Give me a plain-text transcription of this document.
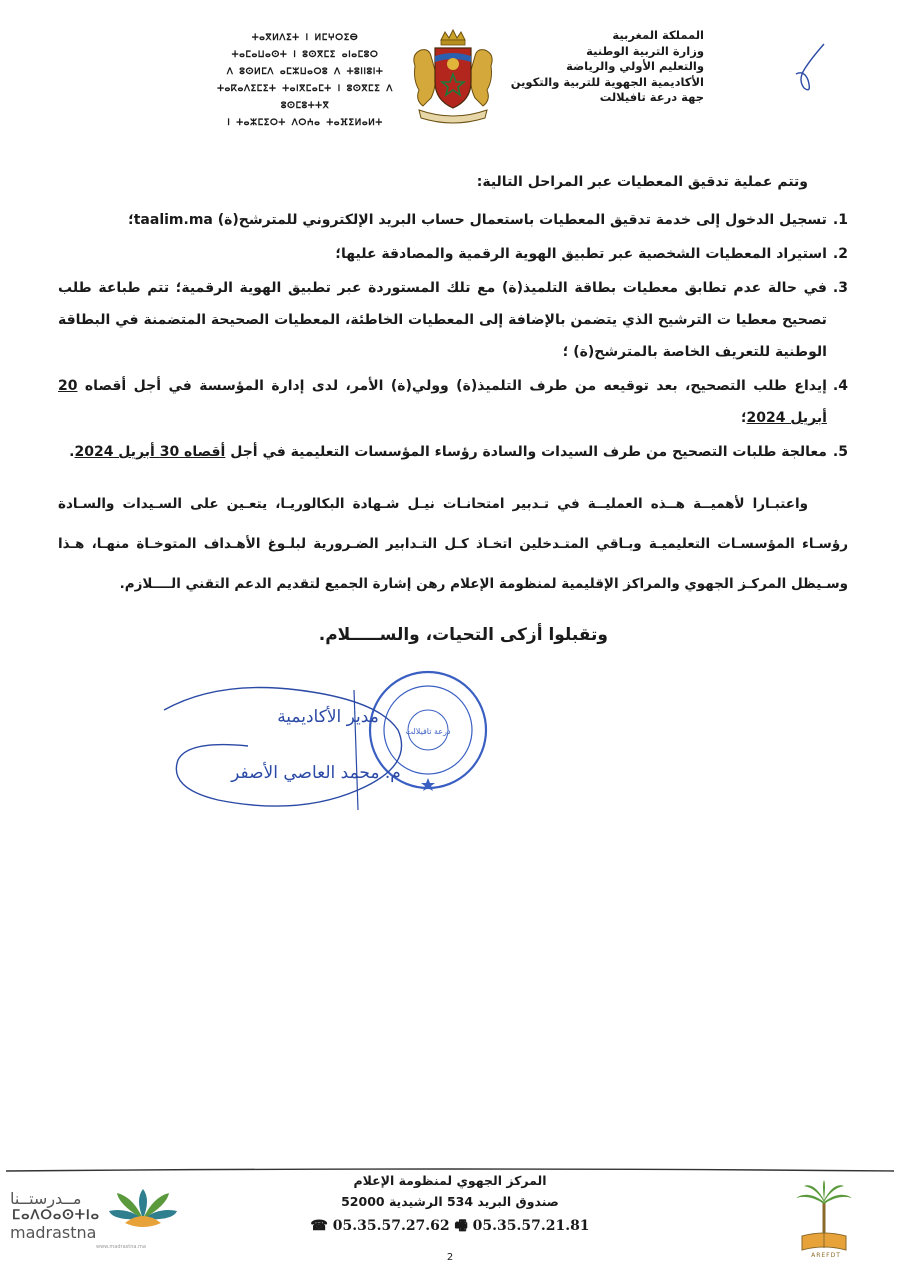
المملكة المغربية
وزارة التربية الوطنية
والتعليم الأولي والرياضة
الأكاديمية الجهوية للتربية والتكوين
جهة درعة تافيلالت
ⵜⴰⴳⵍⴷⵉⵜ ⵏ ⵍⵎⵖⵔⵉⴱ
ⵜⴰⵎⴰⵡⴰⵙⵜ ⵏ ⵓⵙⴳⵎⵉ ⴰⵏⴰⵎⵓⵔ
ⴷ ⵓⵙⵍⵎⴷ ⴰⵎⵣⵡⴰⵔⵓ ⴷ ⵜⵓⵏⵏⵓⵏⵜ
ⵜⴰⴽⴰⴷⵉⵎⵉⵜ ⵜⴰⵏⴳⵎⴰⵎⵜ ⵏ ⵓⵙⴳⵎⵉ ⴷ ⵓⵙⵎⵓⵜⵜⴳ
ⵏ ⵜⴰⵣⵎⵉⵔⵜ ⴷⵔⵄⴰ ⵜⴰⴼⵉⵍⴰⵍⵜ
وتتم عملية تدقيق المعطيات عبر المراحل التالية:
1.
تسجيل الدخول إلى خدمة تدقيق المعطيات باستعمال حساب البريد الإلكتروني للمترشح(ة) taalim.ma؛
2.
استيراد المعطيات الشخصية عبر تطبيق الهوية الرقمية والمصادقة عليها؛
3.
في حالة عدم تطابق معطيات بطاقة التلميذ(ة) مع تلك المستوردة عبر تطبيق الهوية الرقمية؛ تتم طباعة طلب تصحيح معطيا ت الترشيح الذي يتضمن بالإضافة إلى المعطيات الخاطئة، المعطيات الصحيحة المتضمنة في البطاقة الوطنية للتعريف الخاصة بالمترشح(ة) ؛
4.
إيداع طلب التصحيح، بعد توقيعه من طرف التلميذ(ة) وولي(ة) الأمر، لدى إدارة المؤسسة في أجل أقصاه 20 أبريل 2024؛
5.
معالجة طلبات التصحيح من طرف السيدات والسادة رؤساء المؤسسات التعليمية في أجل أقصاه 30 أبريل 2024.
واعتبـارا لأهميــة هــذه العمليــة في تـدبير امتحانـات نيـل شـهادة البكالوريـا، يتعـين على السـيدات والسـادة رؤسـاء المؤسسـات التعليميـة وبـاقي المتـدخلين اتخـاذ كـل التـدابير الضـرورية لبلـوغ الأهـداف المتوخـاة منهـا، هـذا وسـيظل المركـز الجهوي والمراكز الإقليمية لمنظومة الإعلام رهن إشارة الجميع لتقديم الدعم التقني الــــلازم.
وتقبلوا أزكى التحيات، والســـــلام.
درعة تافيلالت
مدير الأكاديمية
م. محمد العاصي الأصفر
المركز الجهوي لمنظومة الإعلام
صندوق البريد 534 الرشيدية 52000
☎ 05.35.57.27.62 🖷 05.35.57.21.81
2
مــدرستــنا
ⵎⴰⴷⵔⴰⵙⵜⵏⴰ
madrastna
www.madrastna.ma
AREFDT
